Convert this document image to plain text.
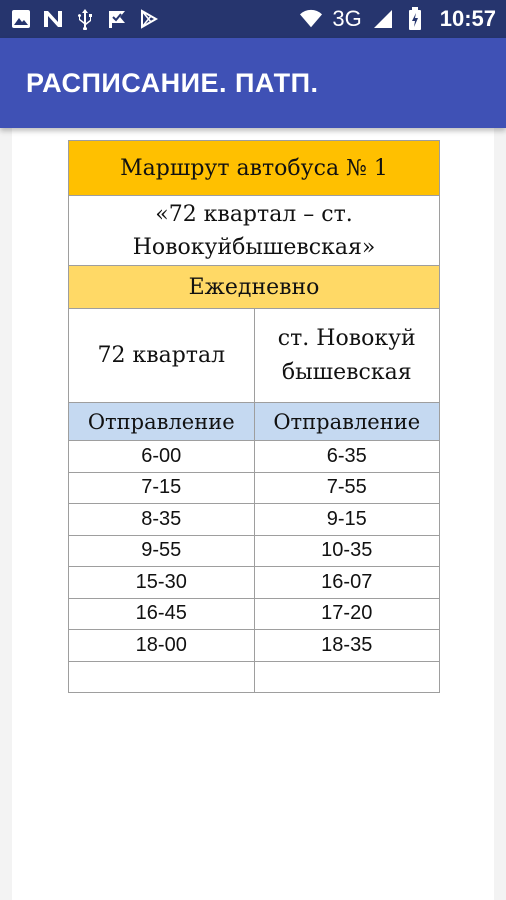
3G	10:57
РАСПИСАНИЕ. ПАТП.
Маршрут автобуса № 1	

«72 квартал – ст.
Новокуйбышевская»	

Ежедневно	
72 квартал	ст. Новокуй
бышевская

Отправление	Отправление
6-00	6-35
7-15	7-55
8-35	9-15
9-55	10-35
15-30	16-07
16-45	17-20
18-00	18-35
